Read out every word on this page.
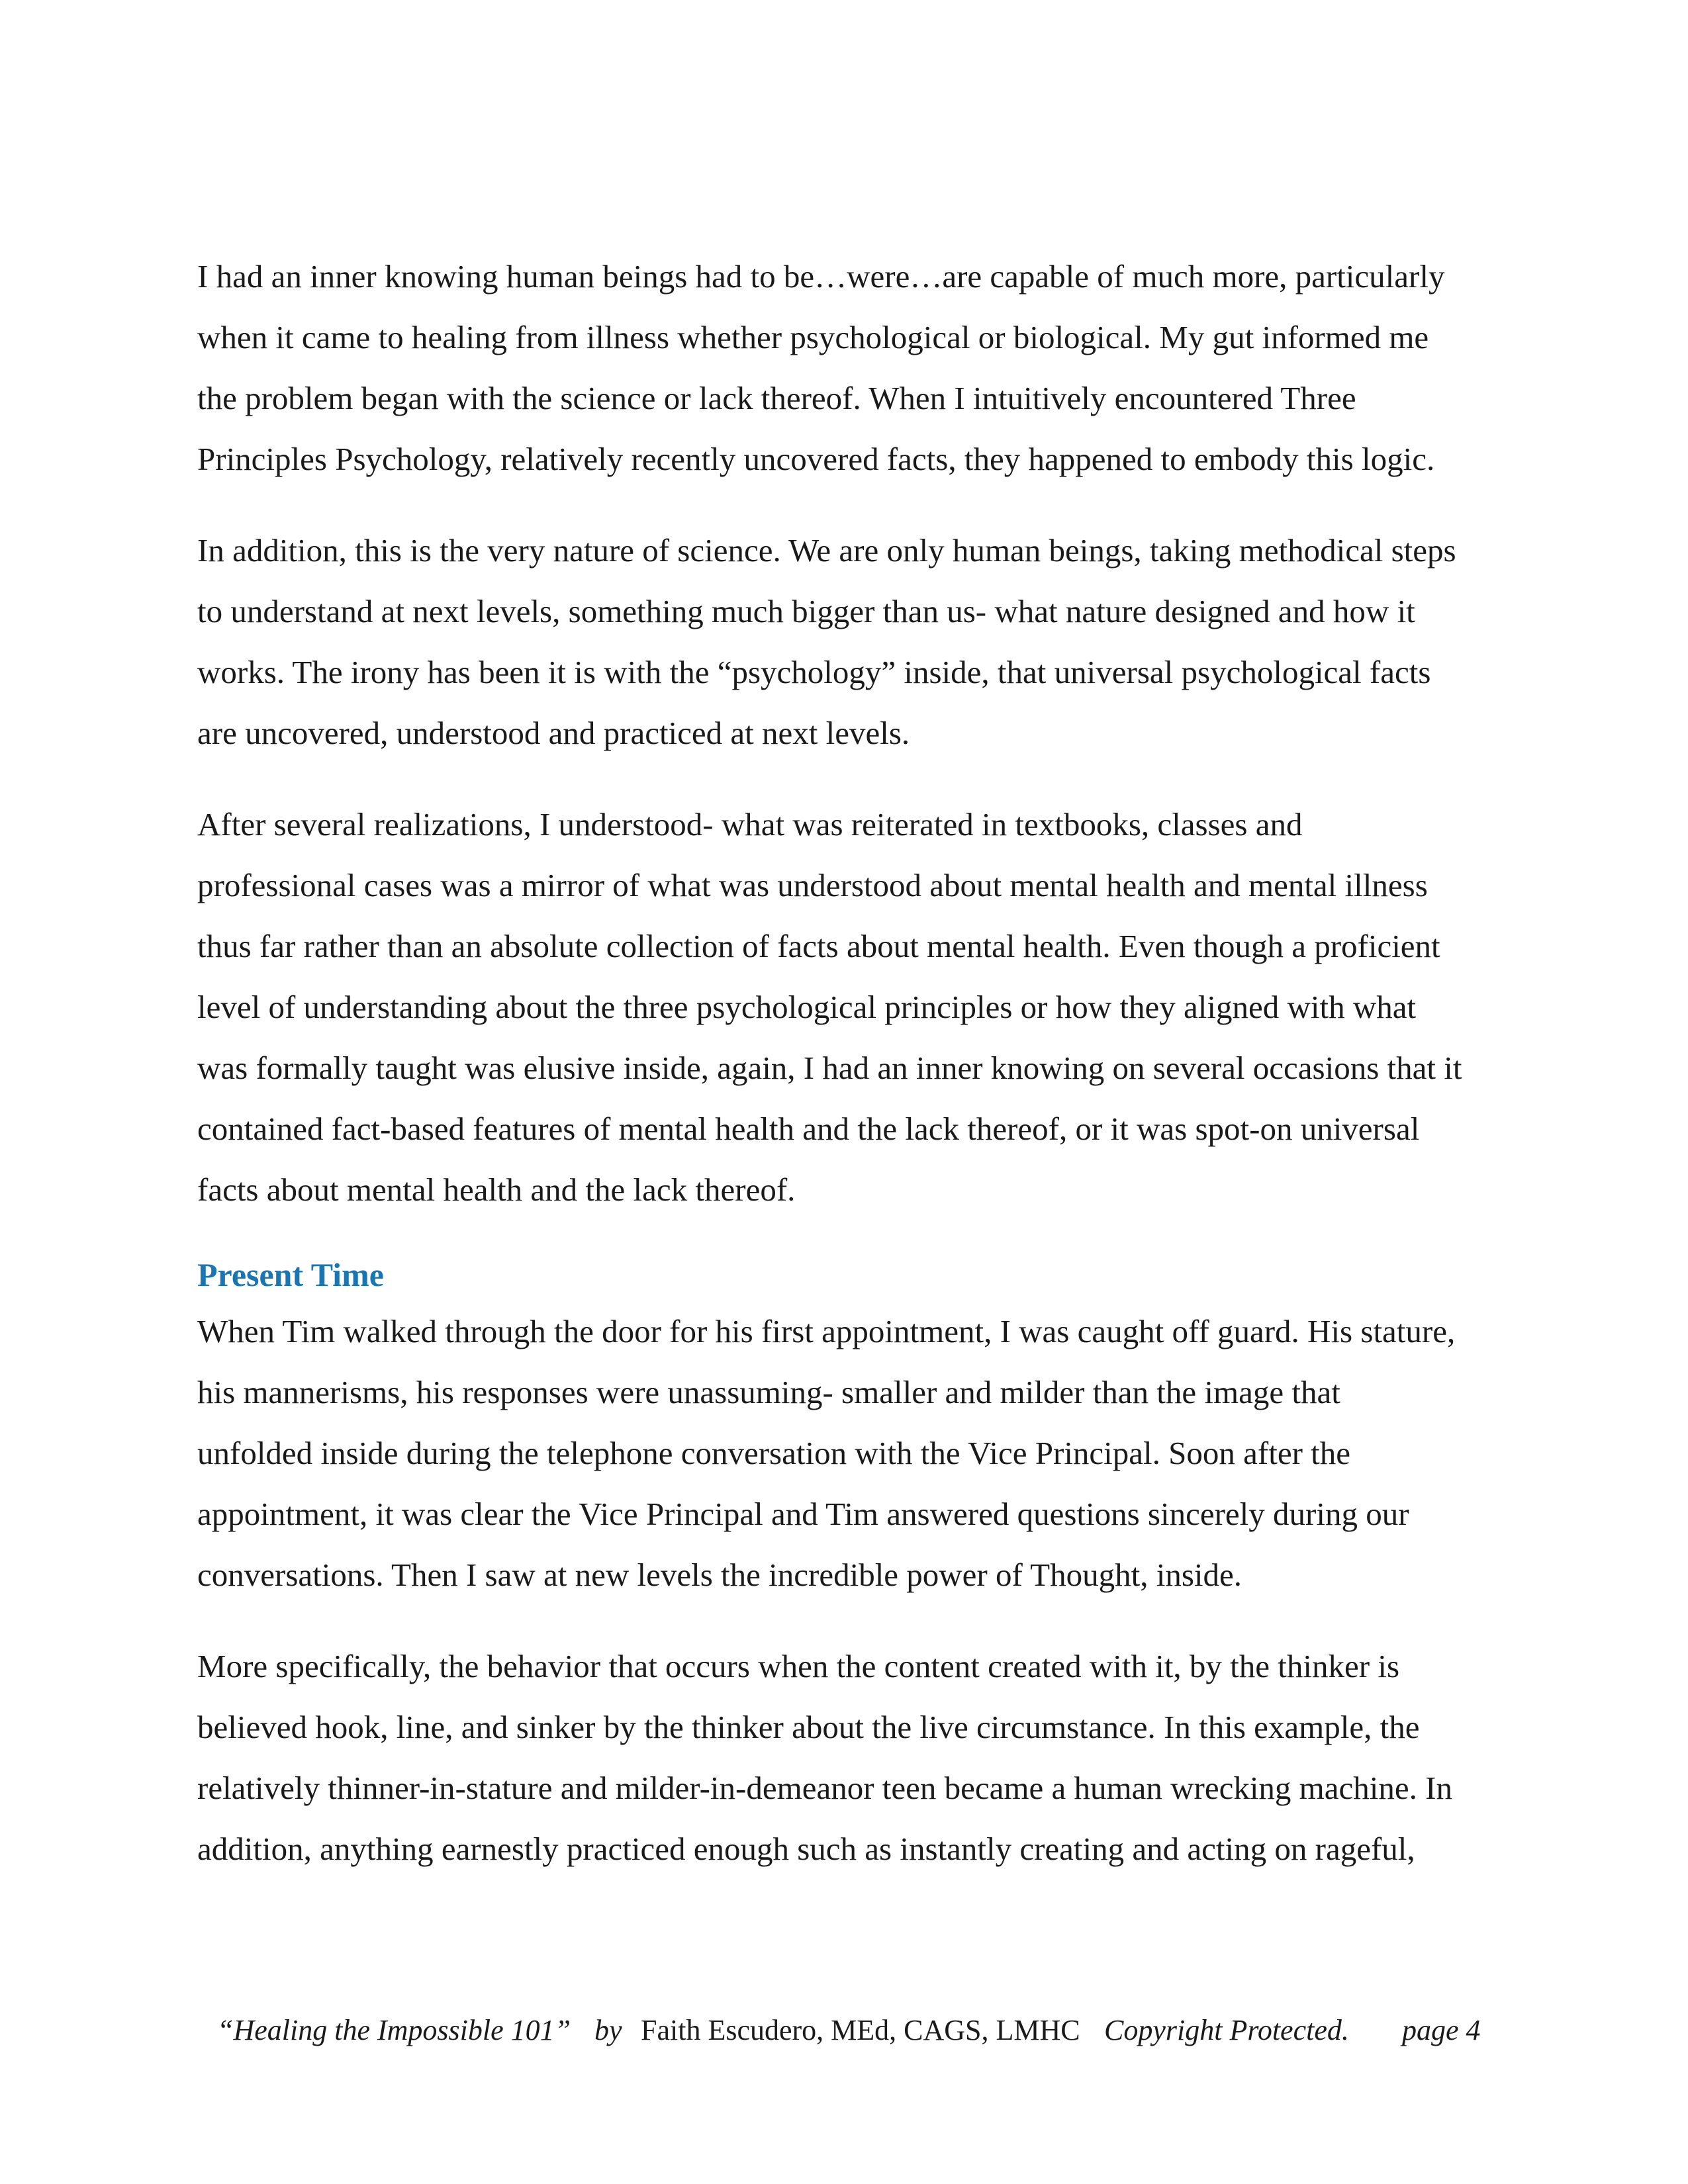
I had an inner knowing human beings had to be…were…are capable of much more, particularly
when it came to healing from illness whether psychological or biological. My gut informed me
the problem began with the science or lack thereof. When I intuitively encountered Three
Principles Psychology, relatively recently uncovered facts, they happened to embody this logic.

In addition, this is the very nature of science. We are only human beings, taking methodical steps
to understand at next levels, something much bigger than us- what nature designed and how it
works. The irony has been it is with the “psychology” inside, that universal psychological facts
are uncovered, understood and practiced at next levels.

After several realizations, I understood- what was reiterated in textbooks, classes and
professional cases was a mirror of what was understood about mental health and mental illness
thus far rather than an absolute collection of facts about mental health. Even though a proficient
level of understanding about the three psychological principles or how they aligned with what
was formally taught was elusive inside, again, I had an inner knowing on several occasions that it
contained fact-based features of mental health and the lack thereof, or it was spot-on universal
facts about mental health and the lack thereof.

Present Time

When Tim walked through the door for his first appointment, I was caught off guard. His stature,
his mannerisms, his responses were unassuming- smaller and milder than the image that
unfolded inside during the telephone conversation with the Vice Principal. Soon after the
appointment, it was clear the Vice Principal and Tim answered questions sincerely during our
conversations. Then I saw at new levels the incredible power of Thought, inside.

More specifically, the behavior that occurs when the content created with it, by the thinker is
believed hook, line, and sinker by the thinker about the live circumstance. In this example, the
relatively thinner-in-stature and milder-in-demeanor teen became a human wrecking machine. In
addition, anything earnestly practiced enough such as instantly creating and acting on rageful,

“Healing the Impossible 101” by Faith Escudero, MEd, CAGS, LMHC Copyright Protected. page 4
